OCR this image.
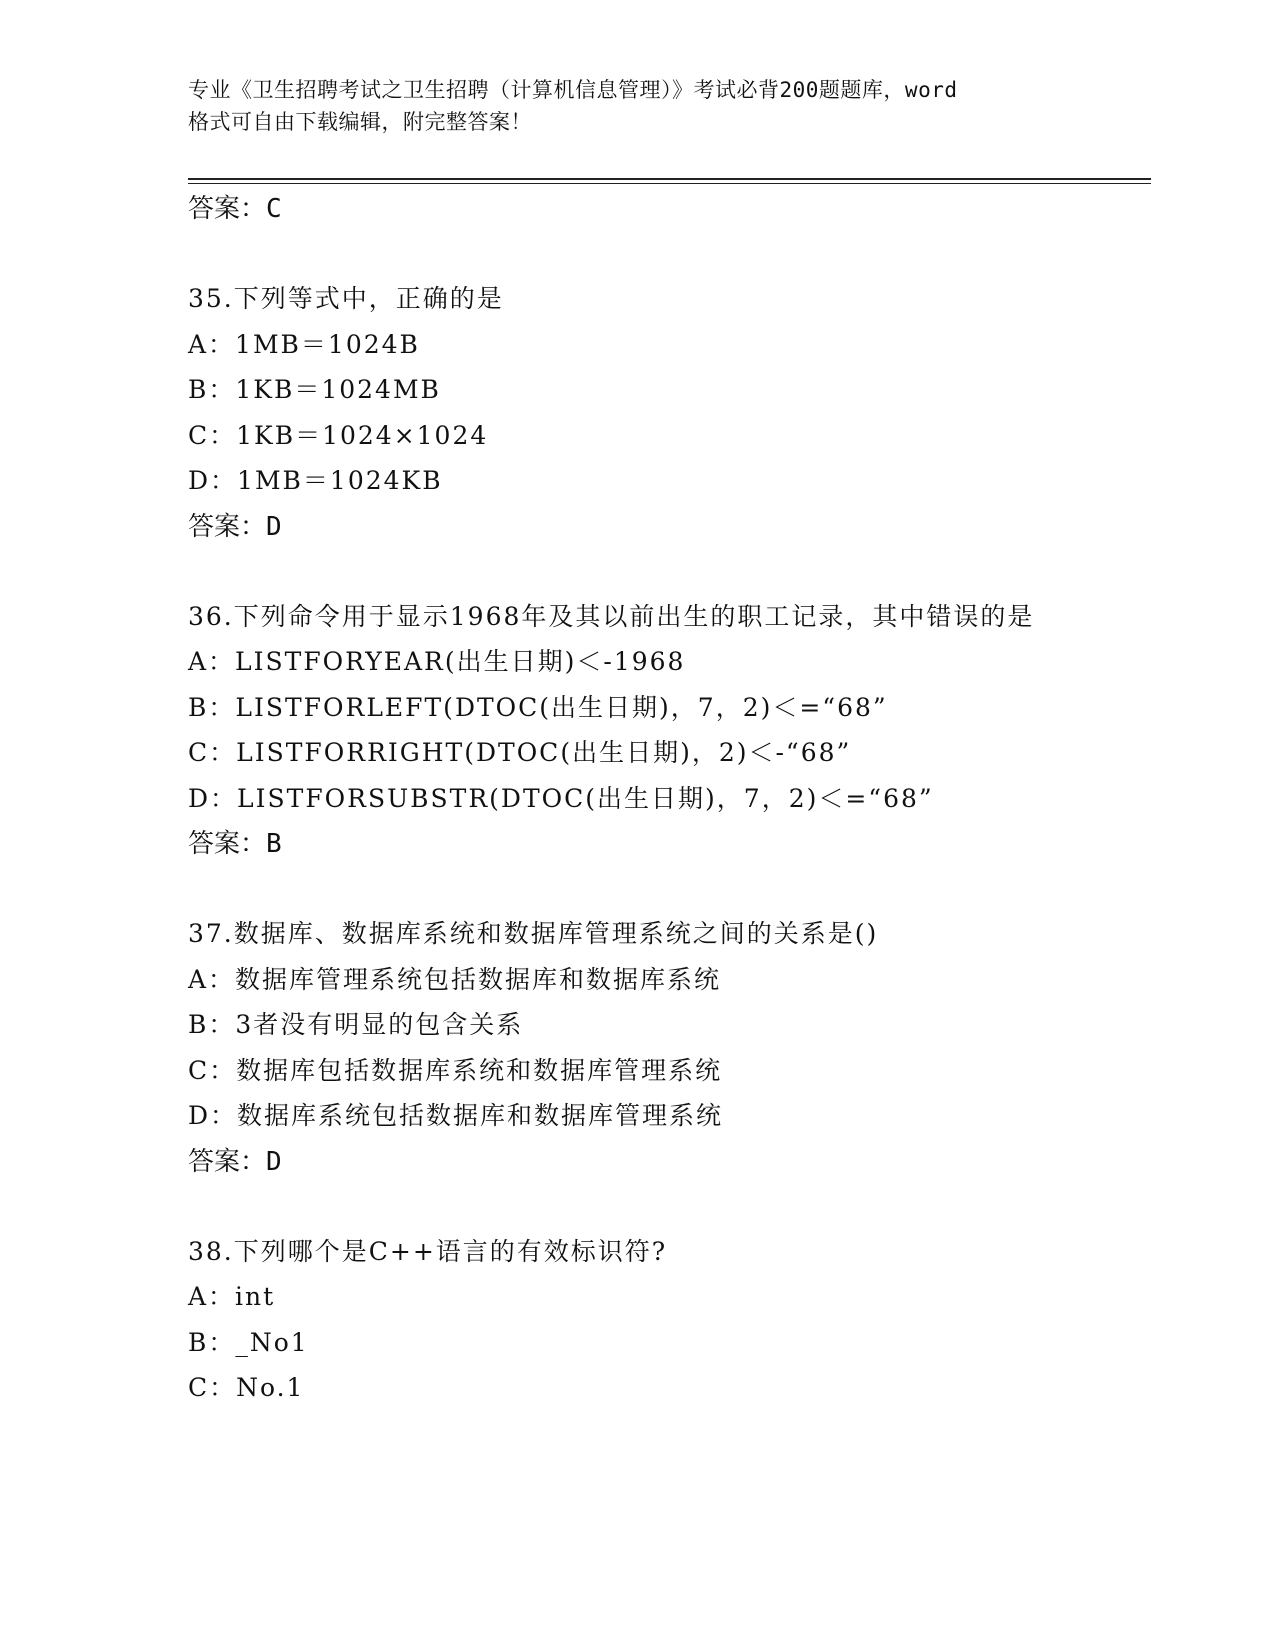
专业《卫生招聘考试之卫生招聘（计算机信息管理）》考试必背200题题库，word
格式可自由下载编辑，附完整答案！
答案：C
35.下列等式中，正确的是
A：1MB＝1024B
B：1KB＝1024MB
C：1KB＝1024×1024
D：1MB＝1024KB
答案：D
36.下列命令用于显示1968年及其以前出生的职工记录，其中错误的是
A：LISTFORYEAR(出生日期)＜-1968
B：LISTFORLEFT(DTOC(出生日期)，7，2)＜=“68”
C：LISTFORRIGHT(DTOC(出生日期)，2)＜-“68”
D：LISTFORSUBSTR(DTOC(出生日期)，7，2)＜=“68”
答案：B
37.数据库、数据库系统和数据库管理系统之间的关系是()
A：数据库管理系统包括数据库和数据库系统
B：3者没有明显的包含关系
C：数据库包括数据库系统和数据库管理系统
D：数据库系统包括数据库和数据库管理系统
答案：D
38.下列哪个是C++语言的有效标识符?
A：int
B：_No1
C：No.1
